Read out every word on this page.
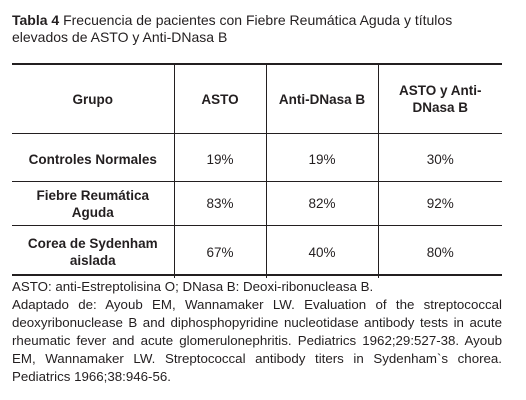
Tabla 4 Frecuencia de pacientes con Fiebre Reumática Aguda y títulos elevados de ASTO y Anti-DNasa B
Grupo	ASTO	Anti-DNasa B	ASTO y Anti-DNasa B
Controles Normales	19%	19%	30%
Fiebre Reumática Aguda	83%	82%	92%
Corea de Sydenham aislada	67%	40%	80%

ASTO: anti-Estreptolisina O; DNasa B: Deoxi-ribonucleasa B.

Adaptado de: Ayoub EM, Wannamaker LW. Evaluation of the streptococcal deoxyribonuclease B and diphosphopyridine nucleotidase antibody tests in acute rheumatic fever and acute glomerulonephritis. Pediatrics 1962;29:527-38. Ayoub EM, Wannamaker LW. Streptococcal antibody titers in Sydenham`s chorea. Pediatrics 1966;38:946-56.
